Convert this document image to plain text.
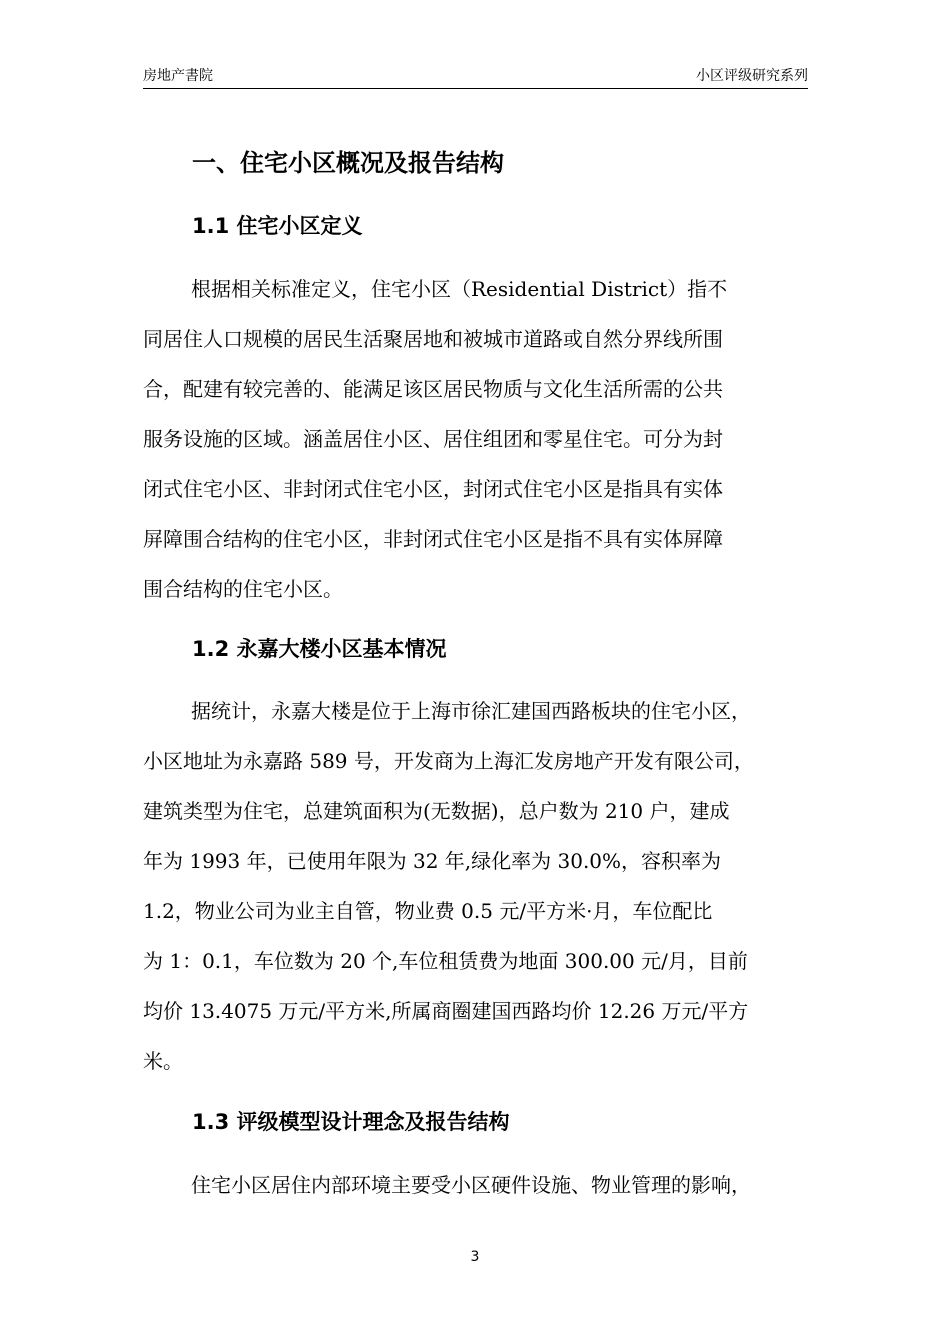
房地产書院	小区评级研究系列
一、住宅小区概况及报告结构
1.1 住宅小区定义
根据相关标准定义，住宅小区（Residential District）指不
同居住人口规模的居民生活聚居地和被城市道路或自然分界线所围
合，配建有较完善的、能满足该区居民物质与文化生活所需的公共
服务设施的区域。涵盖居住小区、居住组团和零星住宅。可分为封
闭式住宅小区、非封闭式住宅小区，封闭式住宅小区是指具有实体
屏障围合结构的住宅小区，非封闭式住宅小区是指不具有实体屏障
围合结构的住宅小区。
1.2 永嘉大楼小区基本情况
据统计，永嘉大楼是位于上海市徐汇建国西路板块的住宅小区，
小区地址为永嘉路 589 号，开发商为上海汇发房地产开发有限公司，
建筑类型为住宅，总建筑面积为(无数据)，总户数为 210 户，建成
年为 1993 年，已使用年限为 32 年,绿化率为 30.0%，容积率为
1.2，物业公司为业主自管，物业费 0.5 元/平方米·月，车位配比
为 1：0.1，车位数为 20 个,车位租赁费为地面 300.00 元/月，目前
均价 13.4075 万元/平方米,所属商圈建国西路均价 12.26 万元/平方
米。
1.3 评级模型设计理念及报告结构
住宅小区居住内部环境主要受小区硬件设施、物业管理的影响，
3
